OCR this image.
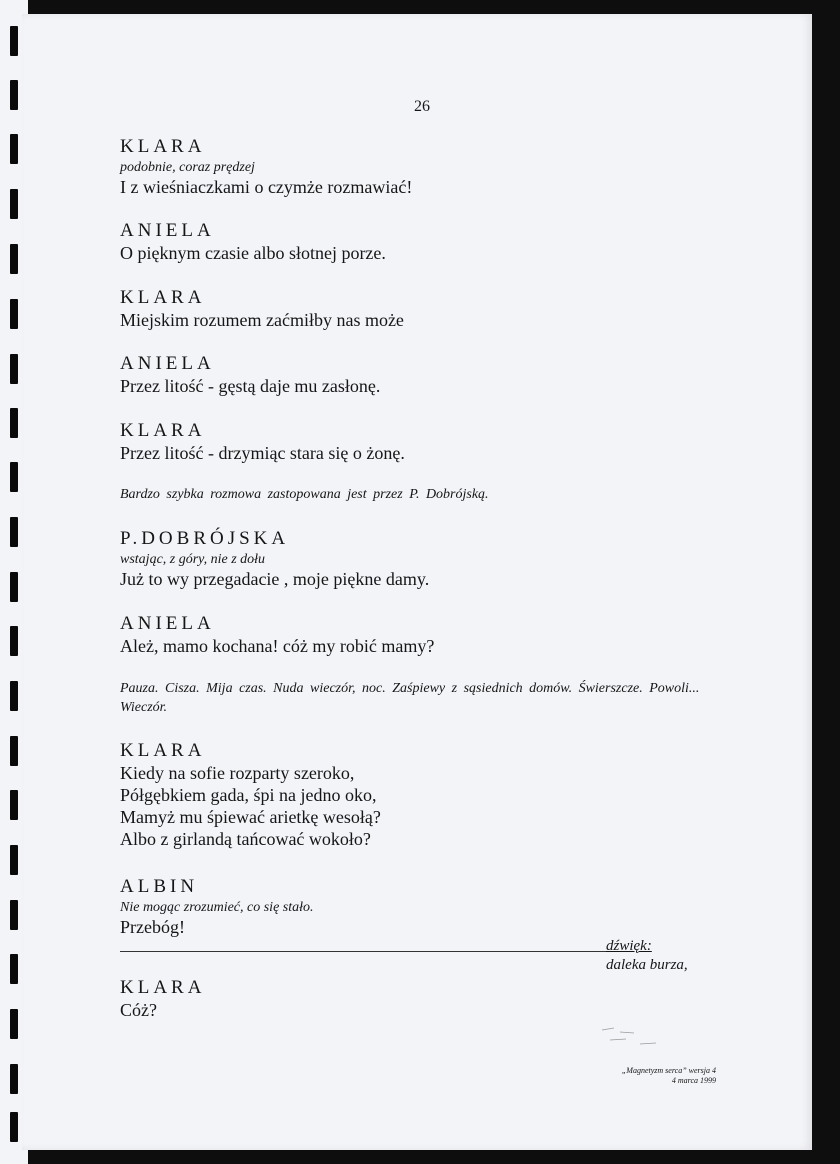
26
KLARA
podobnie, coraz prędzej
I z wieśniaczkami o czymże rozmawiać!
ANIELA
O pięknym czasie albo słotnej porze.
KLARA
Miejskim rozumem zaćmiłby nas może
ANIELA
Przez litość - gęstą daje mu zasłonę.
KLARA
Przez litość - drzymiąc stara się o żonę.
Bardzo szybka rozmowa zastopowana jest przez P. Dobrójską.
P.DOBRÓJSKA
wstając, z góry, nie z dołu
Już to wy przegadacie , moje piękne damy.
ANIELA
Ależ, mamo kochana! cóż my robić mamy?
Pauza. Cisza. Mija czas. Nuda wieczór, noc. Zaśpiewy z sąsiednich domów. Świerszcze. Powoli... Wieczór.
KLARA
Kiedy na sofie rozparty szeroko,
Półgębkiem gada, śpi na jedno oko,
Mamyż mu śpiewać arietkę wesołą?
Albo z girlandą tańcować wokoło?
ALBIN
Nie mogąc zrozumieć, co się stało.
Przebóg!
dźwięk:
daleka burza,
KLARA
Cóż?
„Magnetyzm serca” wersja 4
4 marca 1999
